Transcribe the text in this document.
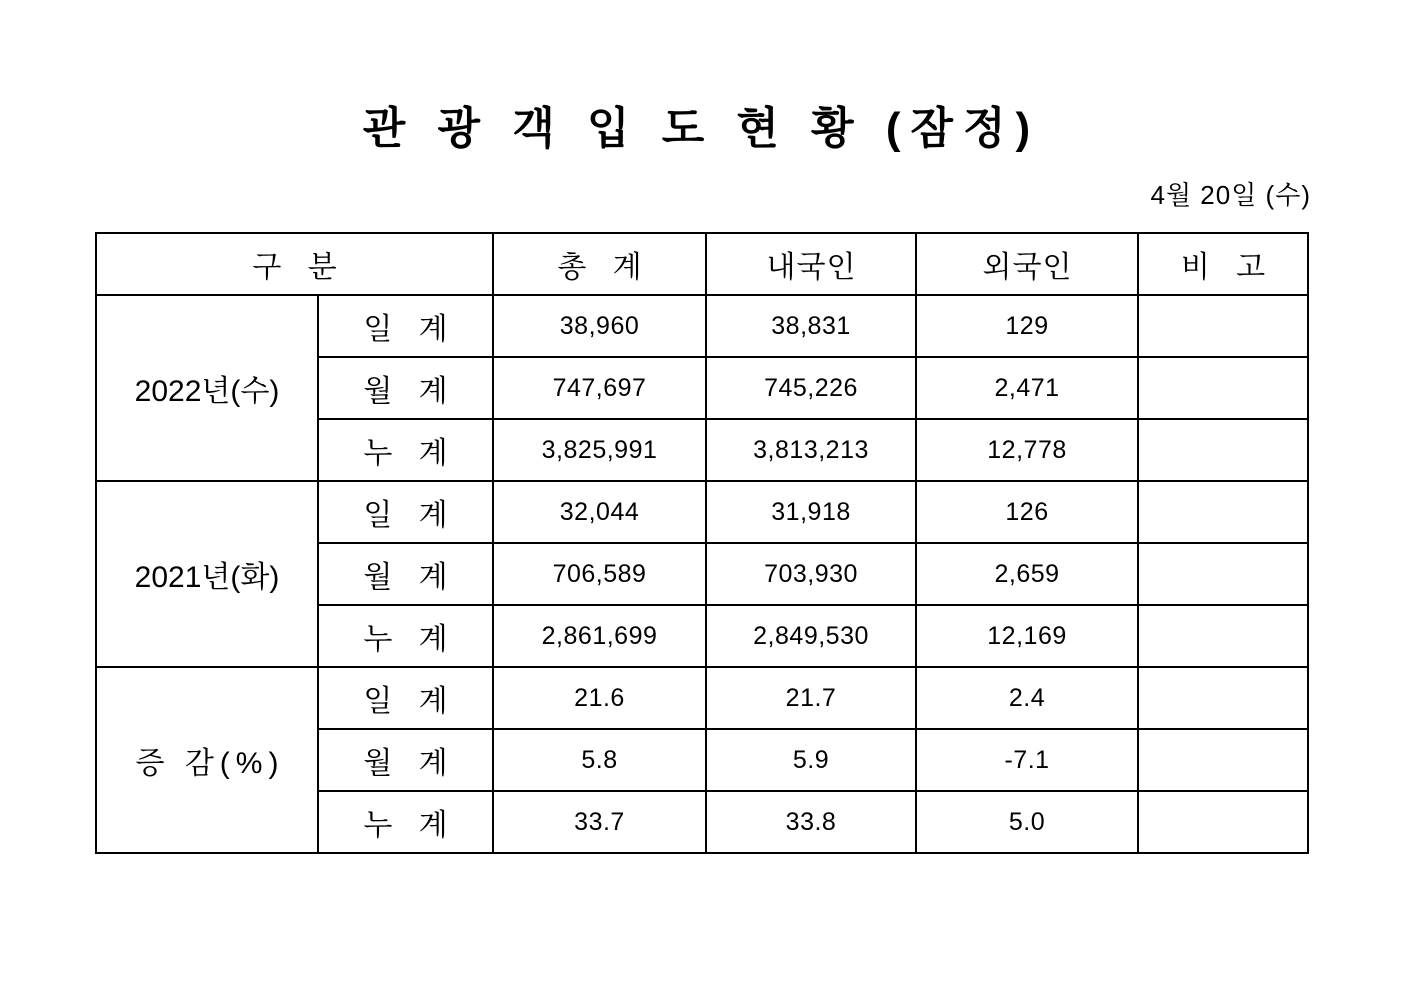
관 광 객 입 도 현 황 (잠정)
4월 20일 (수)
구 분		총 계	내국인	외국인	비 고
2022년(수)	일 계	38,960	38,831	129	
	월 계	747,697	745,226	2,471	
	누 계	3,825,991	3,813,213	12,778	
2021년(화)	일 계	32,044	31,918	126	
	월 계	706,589	703,930	2,659	
	누 계	2,861,699	2,849,530	12,169	
증 감(%)	일 계	21.6	21.7	2.4	
	월 계	5.8	5.9	-7.1	
	누 계	33.7	33.8	5.0	
